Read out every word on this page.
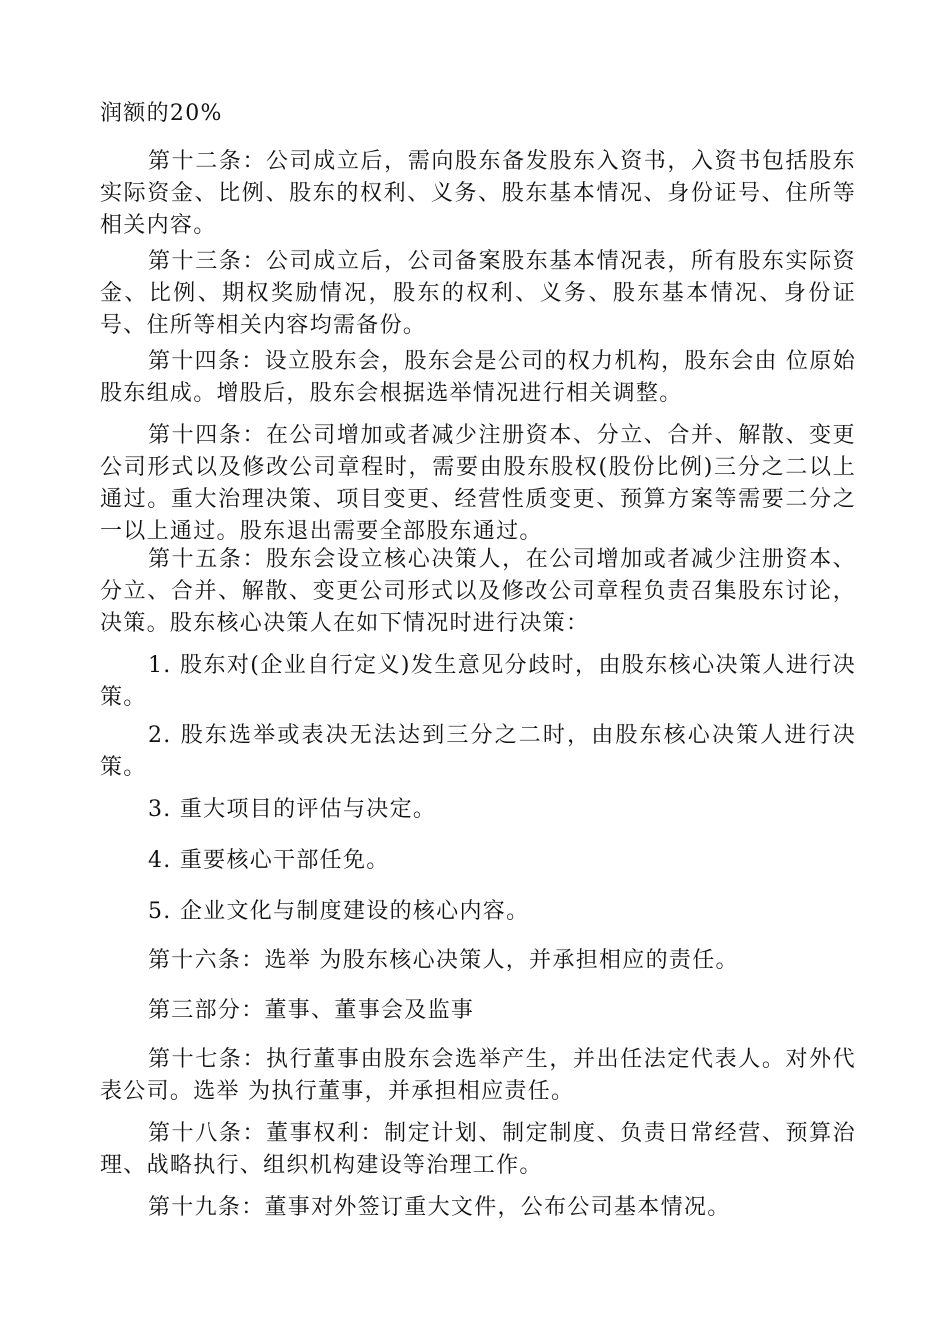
润额的20%

第十二条：公司成立后，需向股东备发股东入资书，入资书包括股东实际资金、比例、股东的权利、义务、股东基本情况、身份证号、住所等相关内容。

第十三条：公司成立后，公司备案股东基本情况表，所有股东实际资金、比例、期权奖励情况，股东的权利、义务、股东基本情况、身份证号、住所等相关内容均需备份。

第十四条：设立股东会，股东会是公司的权力机构，股东会由 位原始股东组成。增股后，股东会根据选举情况进行相关调整。

第十四条：在公司增加或者减少注册资本、分立、合并、解散、变更公司形式以及修改公司章程时，需要由股东股权(股份比例)三分之二以上通过。重大治理决策、项目变更、经营性质变更、预算方案等需要二分之一以上通过。股东退出需要全部股东通过。

第十五条：股东会设立核心决策人，在公司增加或者减少注册资本、分立、合并、解散、变更公司形式以及修改公司章程负责召集股东讨论，决策。股东核心决策人在如下情况时进行决策：

1. 股东对(企业自行定义)发生意见分歧时，由股东核心决策人进行决策。

2. 股东选举或表决无法达到三分之二时，由股东核心决策人进行决策。

3. 重大项目的评估与决定。

4. 重要核心干部任免。

5. 企业文化与制度建设的核心内容。

第十六条：选举 为股东核心决策人，并承担相应的责任。

第三部分：董事、董事会及监事

第十七条：执行董事由股东会选举产生，并出任法定代表人。对外代表公司。选举 为执行董事，并承担相应责任。

第十八条：董事权利：制定计划、制定制度、负责日常经营、预算治理、战略执行、组织机构建设等治理工作。

第十九条：董事对外签订重大文件，公布公司基本情况。
